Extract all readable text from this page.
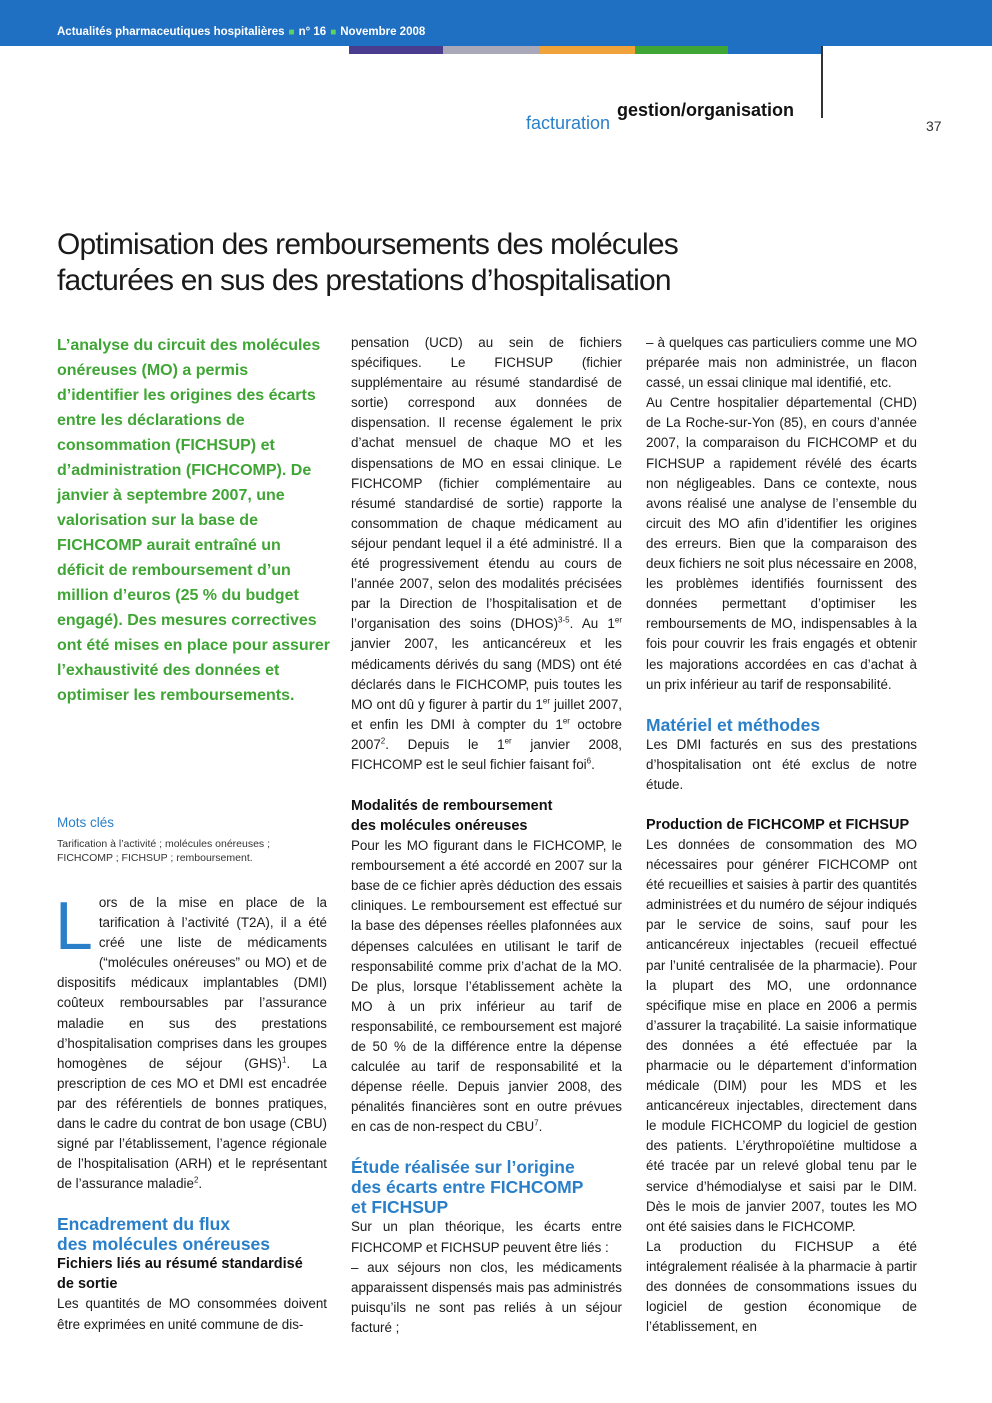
Actualités pharmaceutiques hospitalières ■ n° 16 ■ Novembre 2008
facturation
gestion/organisation
37
Optimisation des remboursements des molécules
facturées en sus des prestations d’hospitalisation

L’analyse du circuit des molécules onéreuses (MO) a permis d’identifier les origines des écarts entre les déclarations de consommation (FICHSUP) et d’administration (FICHCOMP). De janvier à septembre 2007, une valorisation sur la base de FICHCOMP aurait entraîné un déficit de remboursement d’un million d’euros (25 % du budget engagé). Des mesures correctives ont été mises en place pour assurer l’exhaustivité des données et optimiser les remboursements.

Mots clés
Tarification à l’activité ; molécules onéreuses ; FICHCOMP ; FICHSUP ; remboursement.

Lors de la mise en place de la tarification à l’activité (T2A), il a été créé une liste de médicaments (“molécules onéreuses” ou MO) et de dispositifs médicaux implantables (DMI) coûteux remboursables par l’assurance maladie en sus des prestations d’hospitalisation comprises dans les groupes homogènes de séjour (GHS)$^1$. La prescription de ces MO et DMI est encadrée par des référentiels de bonnes pratiques, dans le cadre du contrat de bon usage (CBU) signé par l’établissement, l’agence régionale de l’hospitalisation (ARH) et le représentant de l’assurance maladie$^2$.

Encadrement du flux
des molécules onéreuses

Fichiers liés au résumé standardisé
de sortie

Les quantités de MO consommées doivent être exprimées en unité commune de dis-

pensation (UCD) au sein de fichiers spécifiques. Le FICHSUP (fichier supplémentaire au résumé standardisé de sortie) correspond aux données de dispensation. Il recense également le prix d’achat mensuel de chaque MO et les dispensations de MO en essai clinique. Le FICHCOMP (fichier complémentaire au résumé standardisé de sortie) rapporte la consommation de chaque médicament au séjour pendant lequel il a été administré. Il a été progressivement étendu au cours de l’année 2007, selon des modalités précisées par la Direction de l’hospitalisation et de l’organisation des soins (DHOS)$^{3-5}$. Au 1er janvier 2007, les anticancéreux et les médicaments dérivés du sang (MDS) ont été déclarés dans le FICHCOMP, puis toutes les MO ont dû y figurer à partir du 1er juillet 2007, et enfin les DMI à compter du 1er octobre 2007$^2$. Depuis le 1er janvier 2008, FICHCOMP est le seul fichier faisant foi$^6$.

Modalités de remboursement
des molécules onéreuses

Pour les MO figurant dans le FICHCOMP, le remboursement a été accordé en 2007 sur la base de ce fichier après déduction des essais cliniques. Le remboursement est effectué sur la base des dépenses réelles plafonnées aux dépenses calculées en utilisant le tarif de responsabilité comme prix d’achat de la MO. De plus, lorsque l’établissement achète la MO à un prix inférieur au tarif de responsabilité, ce remboursement est majoré de 50 % de la différence entre la dépense calculée au tarif de responsabilité et la dépense réelle. Depuis janvier 2008, des pénalités financières sont en outre prévues en cas de non-respect du CBU$^7$.

Étude réalisée sur l’origine
des écarts entre FICHCOMP
et FICHSUP

Sur un plan théorique, les écarts entre FICHCOMP et FICHSUP peuvent être liés :

– aux séjours non clos, les médicaments apparaissent dispensés mais pas administrés puisqu’ils ne sont pas reliés à un séjour facturé ;

– à quelques cas particuliers comme une MO préparée mais non administrée, un flacon cassé, un essai clinique mal identifié, etc.

Au Centre hospitalier départemental (CHD) de La Roche-sur-Yon (85), en cours d’année 2007, la comparaison du FICHCOMP et du FICHSUP a rapidement révélé des écarts non négligeables. Dans ce contexte, nous avons réalisé une analyse de l’ensemble du circuit des MO afin d’identifier les origines des erreurs. Bien que la comparaison des deux fichiers ne soit plus nécessaire en 2008, les problèmes identifiés fournissent des données permettant d’optimiser les remboursements de MO, indispensables à la fois pour couvrir les frais engagés et obtenir les majorations accordées en cas d’achat à un prix inférieur au tarif de responsabilité.

Matériel et méthodes

Les DMI facturés en sus des prestations d’hospitalisation ont été exclus de notre étude.

Production de FICHCOMP et FICHSUP

Les données de consommation des MO nécessaires pour générer FICHCOMP ont été recueillies et saisies à partir des quantités administrées et du numéro de séjour indiqués par le service de soins, sauf pour les anticancéreux injectables (recueil effectué par l’unité centralisée de la pharmacie). Pour la plupart des MO, une ordonnance spécifique mise en place en 2006 a permis d’assurer la traçabilité. La saisie informatique des données a été effectuée par la pharmacie ou le département d’information médicale (DIM) pour les MDS et les anticancéreux injectables, directement dans le module FICHCOMP du logiciel de gestion des patients. L’érythropoïétine multidose a été tracée par un relevé global tenu par le service d’hémodialyse et saisi par le DIM. Dès le mois de janvier 2007, toutes les MO ont été saisies dans le FICHCOMP.

La production du FICHSUP a été intégralement réalisée à la pharmacie à partir des données de consommations issues du logiciel de gestion économique de l’établissement, en
